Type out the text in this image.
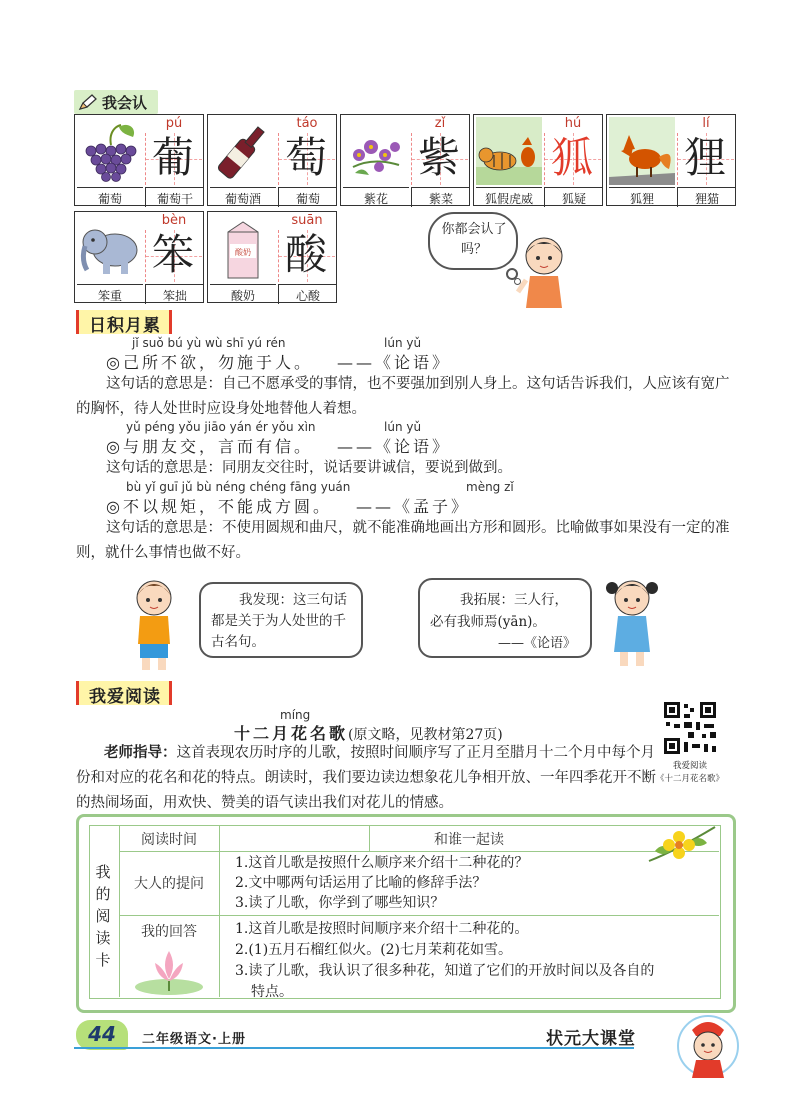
我会认
pú
葡
葡萄	葡萄干
táo
萄
葡萄酒	葡萄
zǐ
紫
紫花	紫菜
hú
狐
狐假虎威	狐疑
lí
狸
狐狸	狸猫
bèn
笨
笨重	笨拙
酸奶
suān
酸
酸奶	心酸
你都会认了吗？
日积月累
jǐ suǒ bú yù wù shī yú rén	lún yǔ
◎己所不欲，勿施于人。 ——《论语》
这句话的意思是：自己不愿承受的事情，也不要强加到别人身上。这句话告诉我们，人应该有宽广的胸怀，待人处世时应设身处地替他人着想。
yǔ péng yǒu jiāo yán ér yǒu xìn	lún yǔ
◎与朋友交，言而有信。 ——《论语》
这句话的意思是：同朋友交往时，说话要讲诚信，要说到做到。
bù yǐ guī jǔ bù néng chéng fāng yuán	mèng zǐ
◎不以规矩，不能成方圆。 ——《孟子》
这句话的意思是：不使用圆规和曲尺，就不能准确地画出方形和圆形。比喻做事如果没有一定的准则，就什么事情也做不好。
我发现：这三句话都是关于为人处世的千古名句。
我拓展：三人行，
必有我师焉(yān)。
——《论语》
我爱阅读
míng
十二月花名歌(原文略，见教材第27页)
老师指导：这首表现农历时序的儿歌，按照时间顺序写了正月至腊月十二个月中每个月份和对应的花名和花的特点。朗读时，我们要边读边想象花儿争相开放、一年四季花开不断的热闹场面，用欢快、赞美的语气读出我们对花儿的情感。
我爱阅读
《十二月花名歌》
我的阅读卡
阅读时间	和谁一起读
大人的提问
1.这首儿歌是按照什么顺序来介绍十二种花的？
2.文中哪两句话运用了比喻的修辞手法？
3.读了儿歌，你学到了哪些知识？
我的回答	1.这首儿歌是按照时间顺序来介绍十二种花的。
2.(1)五月石榴红似火。(2)七月茉莉花如雪。
3.读了儿歌，我认识了很多种花，知道了它们的开放时间以及各自的
特点。
44	二年级语文·上册	状元大课堂
